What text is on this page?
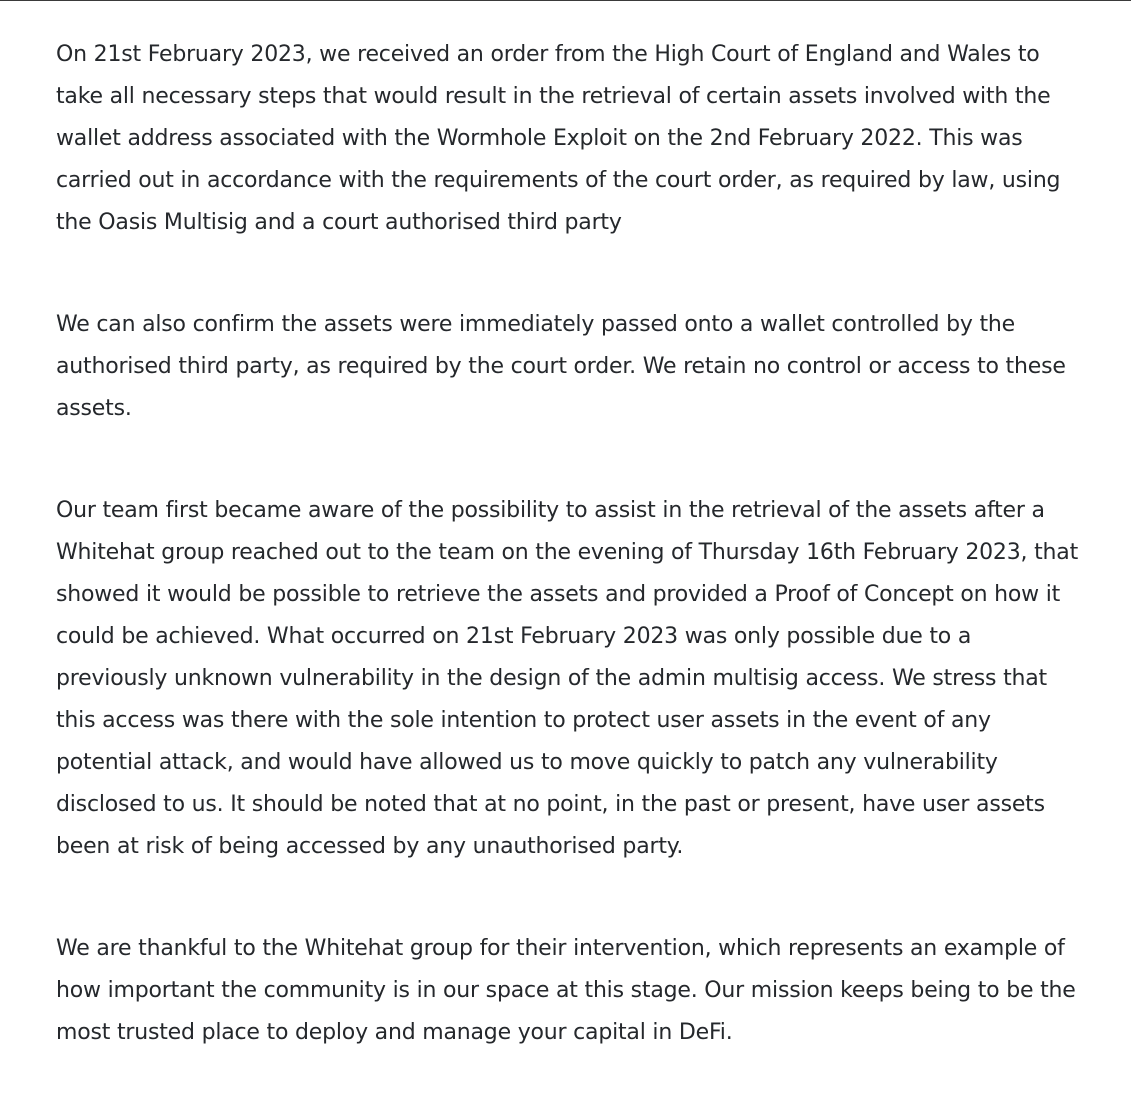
On 21st February 2023, we received an order from the High Court of England and Wales to take all necessary steps that would result in the retrieval of certain assets involved with the wallet address associated with the Wormhole Exploit on the 2nd February 2022. This was carried out in accordance with the requirements of the court order, as required by law, using the Oasis Multisig and a court authorised third party

We can also confirm the assets were immediately passed onto a wallet controlled by the authorised third party, as required by the court order. We retain no control or access to these assets.

Our team first became aware of the possibility to assist in the retrieval of the assets after a Whitehat group reached out to the team on the evening of Thursday 16th February 2023, that showed it would be possible to retrieve the assets and provided a Proof of Concept on how it could be achieved. What occurred on 21st February 2023 was only possible due to a previously unknown vulnerability in the design of the admin multisig access. We stress that this access was there with the sole intention to protect user assets in the event of any potential attack, and would have allowed us to move quickly to patch any vulnerability disclosed to us. It should be noted that at no point, in the past or present, have user assets been at risk of being accessed by any unauthorised party.

We are thankful to the Whitehat group for their intervention, which represents an example of how important the community is in our space at this stage. Our mission keeps being to be the most trusted place to deploy and manage your capital in DeFi.
